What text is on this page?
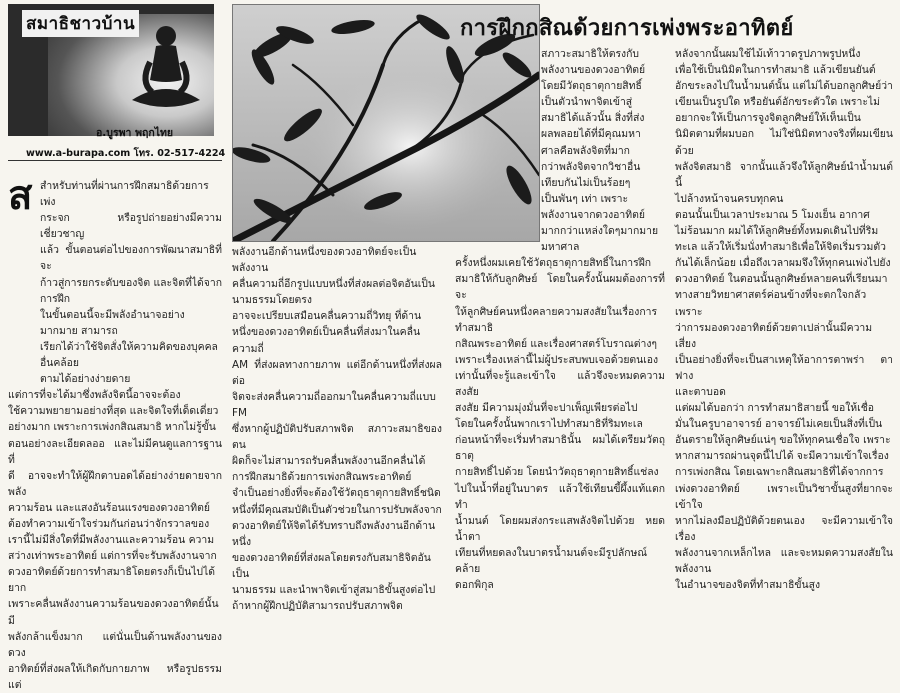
สมาธิชาวบ้าน
อ.บูรพา พฤกไทย
www.a-burapa.com โทร. 02-517-4224
การฝึกกสิณด้วยการเพ่งพระอาทิตย์
ส สำหรับท่านที่ผ่านการฝึกสมาธิด้วยการเพ่ง
กระจก หรือรูปถ่ายอย่างมีความเชี่ยวชาญ
แล้ว ขั้นตอนต่อไปของการพัฒนาสมาธิที่จะ
ก้าวสู่การยกระดับของจิต และจิตที่ได้จากการฝึก
ในขั้นตอนนี้จะมีพลังอำนาจอย่างมากมาย สามารถ
เรียกได้ว่าใช้จิตสั่งให้ความคิดของบุคคลอื่นคล้อย
ตามได้อย่างง่ายดาย

แต่การที่จะได้มาซึ่งพลังจิตนี้อาจจะต้อง
ใช้ความพยายามอย่างที่สุด และจิตใจที่เด็ดเดี่ยว
อย่างมาก เพราะการเพ่งกสิณสมาธิ หากไม่รู้ขั้น
ตอนอย่างละเอียดลออ และไม่มีคนดูแลการฐานที่
ดี อาจจะทำให้ผู้ฝึกตาบอดได้อย่างง่ายดายจากพลัง
ความร้อน และแสงอันร้อนแรงของดวงอาทิตย์

ต้องทำความเข้าใจร่วมกันก่อนว่าจักรวาลของ
เรานี้ไม่มีสิ่งใดที่มีพลังงานและความร้อน ความ
สว่างเท่าพระอาทิตย์ แต่การที่จะรับพลังงานจาก
ดวงอาทิตย์ด้วยการทำสมาธิโดยตรงก็เป็นไปได้ยาก
เพราะคลื่นพลังงานความร้อนของดวงอาทิตย์นั้นมี
พลังกล้าแข็งมาก แต่นั่นเป็นด้านพลังงานของดวง
อาทิตย์ที่ส่งผลให้เกิดกับกายภาพ หรือรูปธรรม แต่

พลังงานอีกด้านหนึ่งของดวงอาทิตย์จะเป็นพลังงาน
คลื่นความถี่อีกรูปแบบหนึ่งที่ส่งผลต่อจิตอันเป็น
นามธรรมโดยตรง

อาจจะเปรียบเสมือนคลื่นความถี่วิทยุ ที่ด้าน
หนึ่งของดวงอาทิตย์เป็นคลื่นที่ส่งมาในคลื่นความถี่
AM ที่ส่งผลทางกายภาพ แต่อีกด้านหนึ่งที่ส่งผลต่อ
จิตจะส่งคลื่นความถี่ออกมาในคลื่นความถี่แบบ FM
ซึ่งหากผู้ปฏิบัติปรับสภาพจิต สภาวะสมาธิของตน
ผิดก็จะไม่สามารถรับคลื่นพลังงานอีกคลื่นได้

การฝึกสมาธิด้วยการเพ่งกสิณพระอาทิตย์
จำเป็นอย่างยิ่งที่จะต้องใช้วัตถุธาตุกายสิทธิ์ชนิด
หนึ่งที่มีคุณสมบัติเป็นตัวช่วยในการปรับพลังจาก
ดวงอาทิตย์ให้จิตได้รับทราบถึงพลังงานอีกด้านหนึ่ง
ของดวงอาทิตย์ที่ส่งผลโดยตรงกับสมาธิจิตอันเป็น
นามธรรม และนำพาจิตเข้าสู่สมาธิขั้นสูงต่อไป
ถ้าหากผู้ฝึกปฏิบัติสามารถปรับสภาพจิต

สภาวะสมาธิให้ตรงกับ
พลังงานของดวงอาทิตย์
โดยมีวัตถุธาตุกายสิทธิ์
เป็นตัวนำพาจิตเข้าสู่
สมาธิได้แล้วนั้น สิ่งที่ส่ง
ผลพลอยได้ที่มีคุณมหา
ศาลคือพลังจิตที่มาก
กว่าพลังจิตจากวิชาอื่น
เทียบกันไม่เป็นร้อยๆ
เป็นพันๆ เท่า เพราะ
พลังงานจากดวงอาทิตย์
มากกว่าแหล่งใดๆมากมาย
มหาศาล

ครั้งหนึ่งผมเคยใช้วัตถุธาตุกายสิทธิ์ในการฝึก
สมาธิให้กับลูกศิษย์ โดยในครั้งนั้นผมต้องการที่จะ
ให้ลูกศิษย์คนหนึ่งคลายความสงสัยในเรื่องการทำสมาธิ
กสิณพระอาทิตย์ และเรื่องศาสตร์โบราณต่างๆ
เพราะเรื่องเหล่านี้ไม่ผู้ประสบพบเจอด้วยตนเอง
เท่านั้นที่จะรู้และเข้าใจ แล้วจึงจะหมดความสงสัย
สงสัย มีความมุ่งมั่นที่จะปาเพ็ญเพียรต่อไป

โดยในครั้งนั้นพากเราไปทำสมาธิที่ริมทะเล
ก่อนหน้าที่จะเริ่มทำสมาธินั้น ผมได้เตรียมวัตถุธาตุ
กายสิทธิ์ไปด้วย โดยนำวัตถุธาตุกายสิทธิ์แช่ลง
ไปในน้ำที่อยู่ในบาตร แล้วใช้เทียนขี้ผึ้งแท้แตกทำ
น้ำมนต์ โดยผมส่งกระแสพลังจิตไปด้วย หยดน้ำตา
เทียนที่หยดลงในบาตรน้ำมนต์จะมีรูปลักษณ์คล้าย
ดอกพิกุล

หลังจากนั้นผมใช้ไม้เท้าวาดรูปภาพรูปหนึ่ง
เพื่อใช้เป็นนิมิตในการทำสมาธิ แล้วเขียนยันต์
อักขระลงไปในน้ำมนต์นั้น แต่ไม่ได้บอกลูกศิษย์ว่า
เขียนเป็นรูปใด หรือยันต์อักขระตัวใด เพราะไม่
อยากจะให้เป็นการจูงจิตลูกศิษย์ให้เห็นเป็น
นิมิตตามที่ผมบอก ไม่ใช่นิมิตทางจริงที่ผมเขียนด้วย
พลังจิตสมาธิ จากนั้นแล้วจึงให้ลูกศิษย์นำน้ำมนต์นี้
ไปล้างหน้าจนครบทุกคน

ตอนนั้นเป็นเวลาประมาณ 5 โมงเย็น อากาศ
ไม่ร้อนมาก ผมได้ให้ลูกศิษย์ทั้งหมดเดินไปที่ริม
ทะเล แล้วให้เริ่มนั่งทำสมาธิเพื่อให้จิตเริ่มรวมตัว
กันได้เล็กน้อย เมื่อถึงเวลาผมจึงให้ทุกคนเพ่งไปยัง
ดวงอาทิตย์ ในตอนนั้นลูกศิษย์หลายคนที่เรียนมา
ทางสายวิทยาศาสตร์ค่อนข้างที่จะตกใจกลัว เพราะ
ว่าการมองดวงอาทิตย์ด้วยตาเปล่านั้นมีความเสี่ยง
เป็นอย่างยิ่งที่จะเป็นสาเหตุให้อาการตาพร่า ตาฟาง
และตาบอด

แต่ผมได้บอกว่า การทำสมาธิสายนี้ ขอให้เชื่อ
มั่นในครูบาอาจารย์ อาจารย์ไม่เคยเป็นสิ่งที่เป็น
อันตรายให้ลูกศิษย์แน่ๆ ขอให้ทุกคนเชื่อใจ เพราะ
หากสามารถผ่านจุดนี้ไปได้ จะมีความเข้าใจเรื่อง
การเพ่งกสิณ โดยเฉพาะกสิณสมาธิที่ได้จากการ
เพ่งดวงอาทิตย์ เพราะเป็นวิชาขั้นสูงที่ยากจะเข้าใจ
หากไม่ลงมือปฏิบัติด้วยตนเอง จะมีความเข้าใจเรื่อง
พลังงานจากเหล็กไหล และจะหมดความสงสัยในพลังงาน
ในอำนาจของจิตที่ทำสมาธิขั้นสูง
